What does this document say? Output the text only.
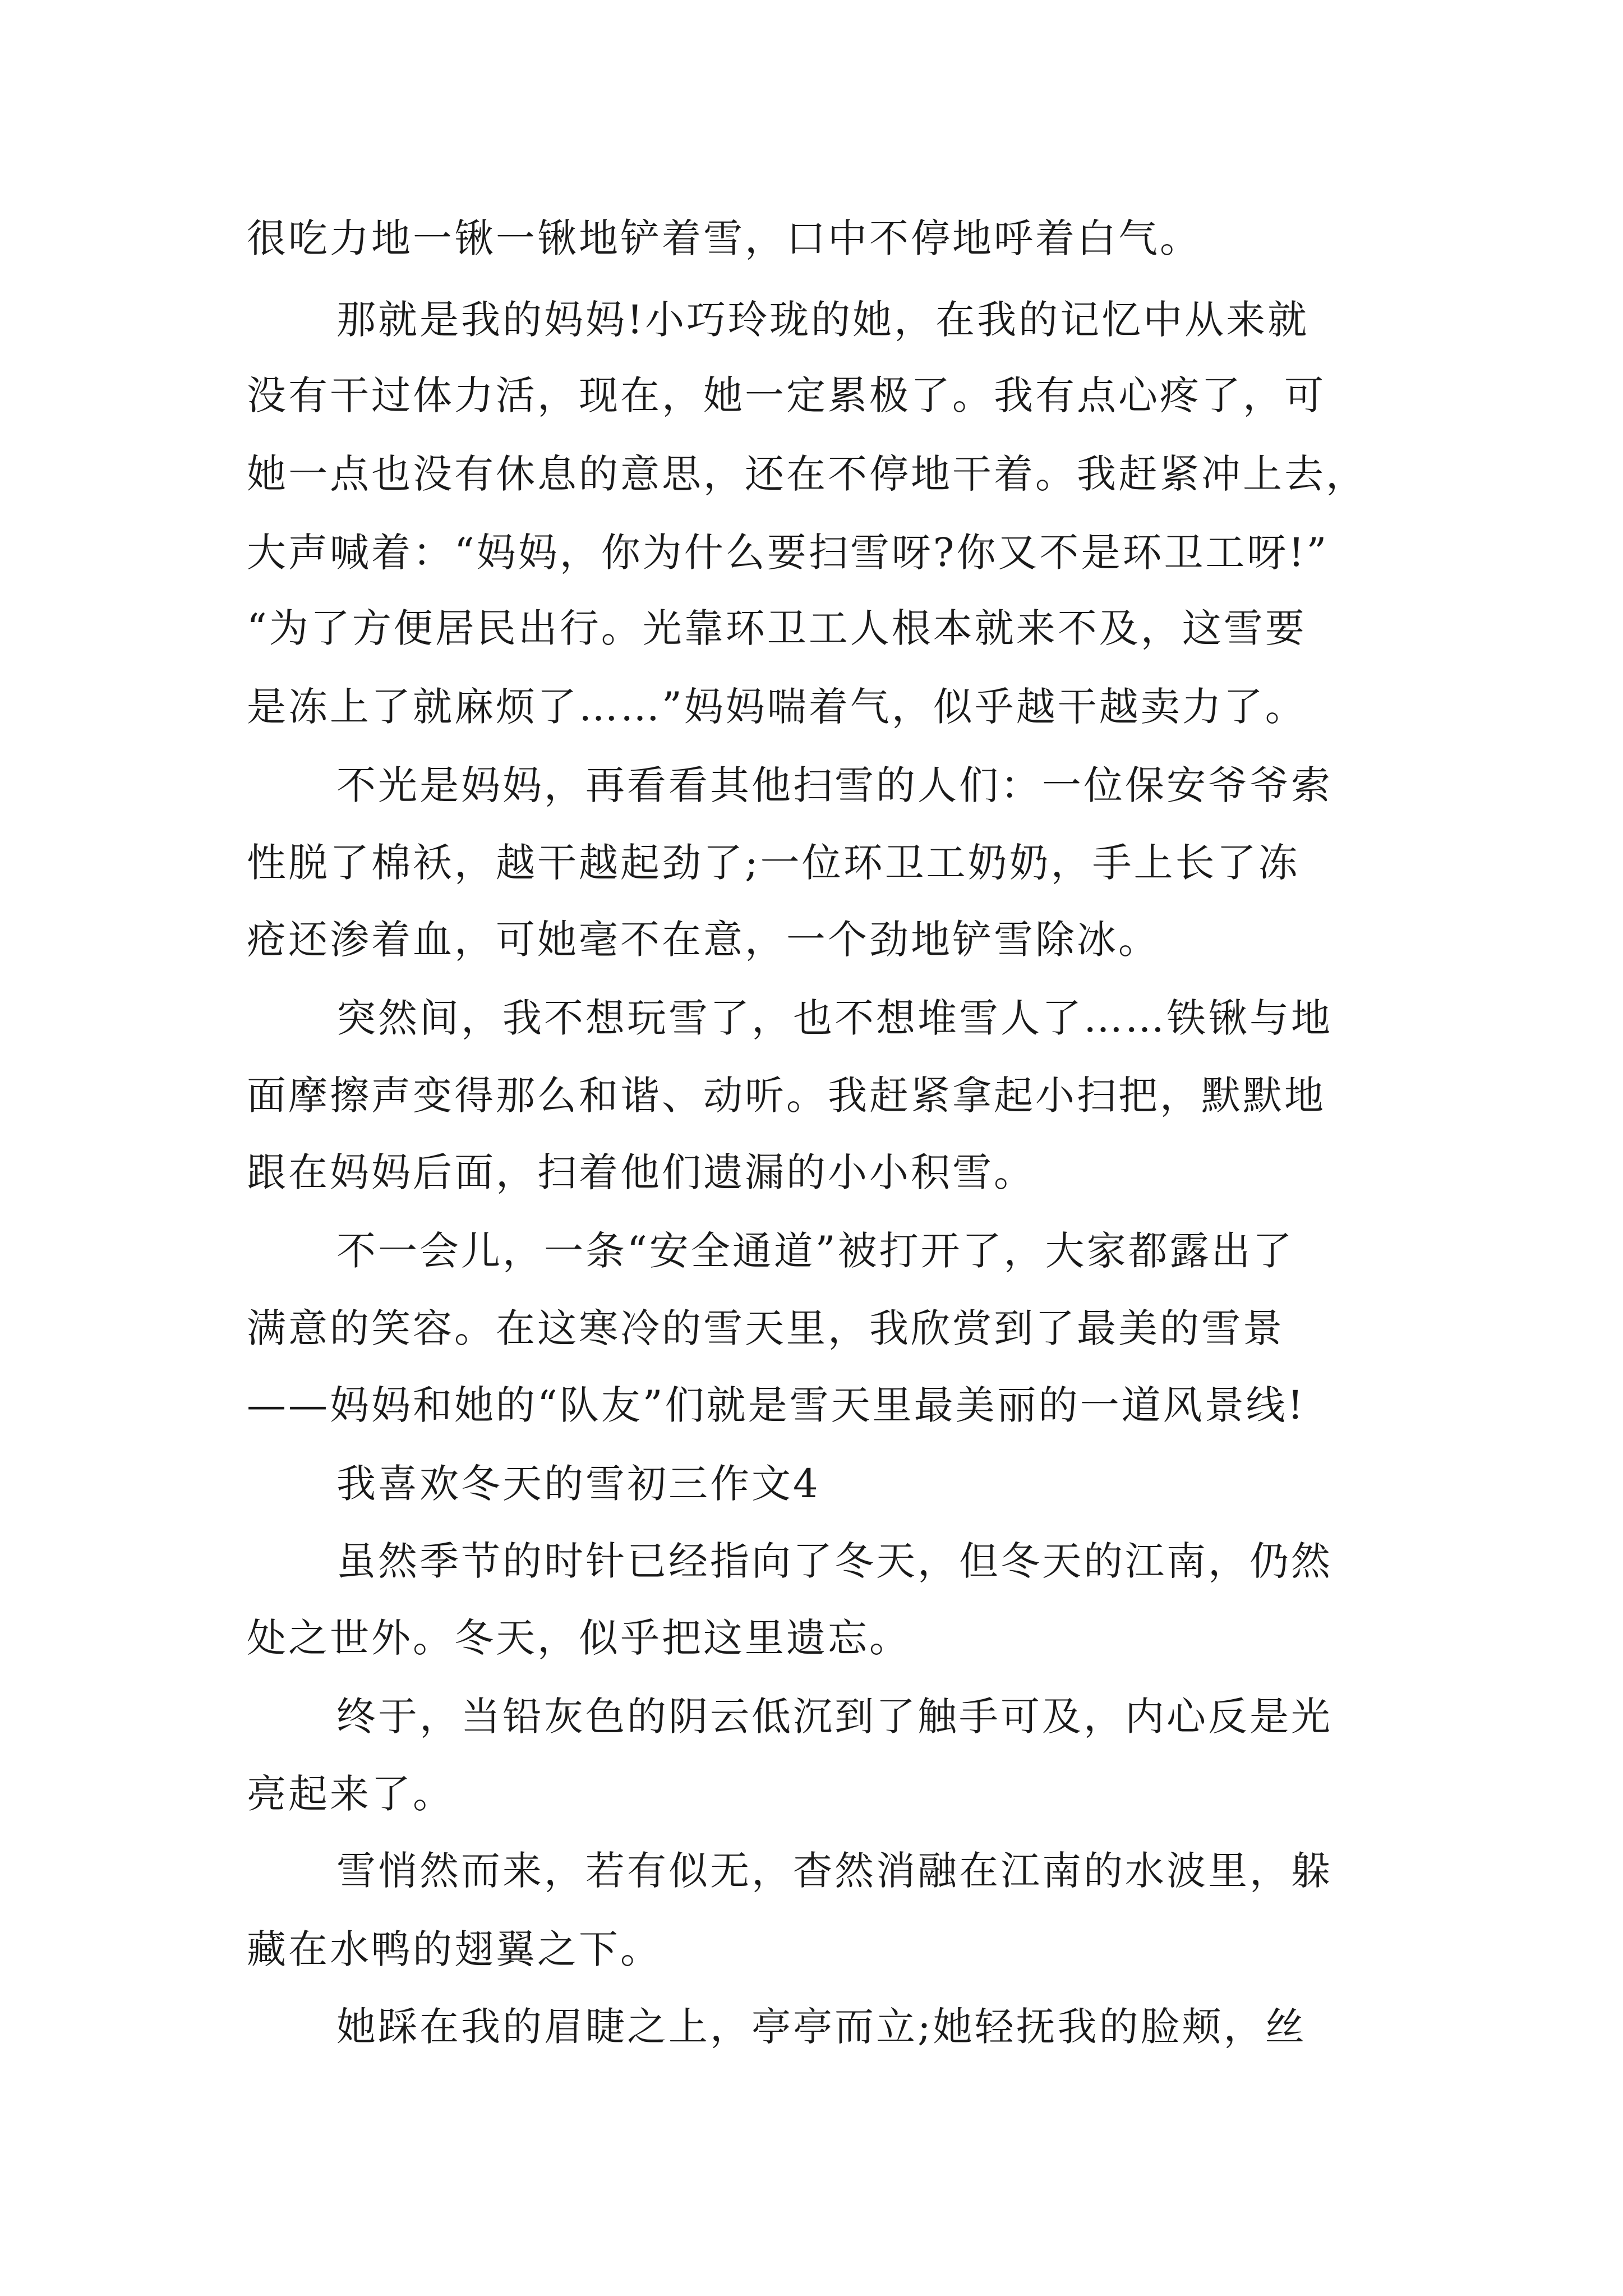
很吃力地一锹一锹地铲着雪，口中不停地呼着白气。
那就是我的妈妈!小巧玲珑的她，在我的记忆中从来就
没有干过体力活，现在，她一定累极了。我有点心疼了，可
她一点也没有休息的意思，还在不停地干着。我赶紧冲上去，
大声喊着：“妈妈，你为什么要扫雪呀?你又不是环卫工呀!”
“为了方便居民出行。光靠环卫工人根本就来不及，这雪要
是冻上了就麻烦了……”妈妈喘着气，似乎越干越卖力了。
不光是妈妈，再看看其他扫雪的人们：一位保安爷爷索
性脱了棉袄，越干越起劲了;一位环卫工奶奶，手上长了冻
疮还渗着血，可她毫不在意，一个劲地铲雪除冰。
突然间，我不想玩雪了，也不想堆雪人了……铁锹与地
面摩擦声变得那么和谐、动听。我赶紧拿起小扫把，默默地
跟在妈妈后面，扫着他们遗漏的小小积雪。
不一会儿，一条“安全通道”被打开了，大家都露出了
满意的笑容。在这寒冷的雪天里，我欣赏到了最美的雪景
——妈妈和她的“队友”们就是雪天里最美丽的一道风景线!
我喜欢冬天的雪初三作文4
虽然季节的时针已经指向了冬天，但冬天的江南，仍然
处之世外。冬天，似乎把这里遗忘。
终于，当铅灰色的阴云低沉到了触手可及，内心反是光
亮起来了。
雪悄然而来，若有似无，杳然消融在江南的水波里，躲
藏在水鸭的翅翼之下。
她踩在我的眉睫之上，亭亭而立;她轻抚我的脸颊，丝
